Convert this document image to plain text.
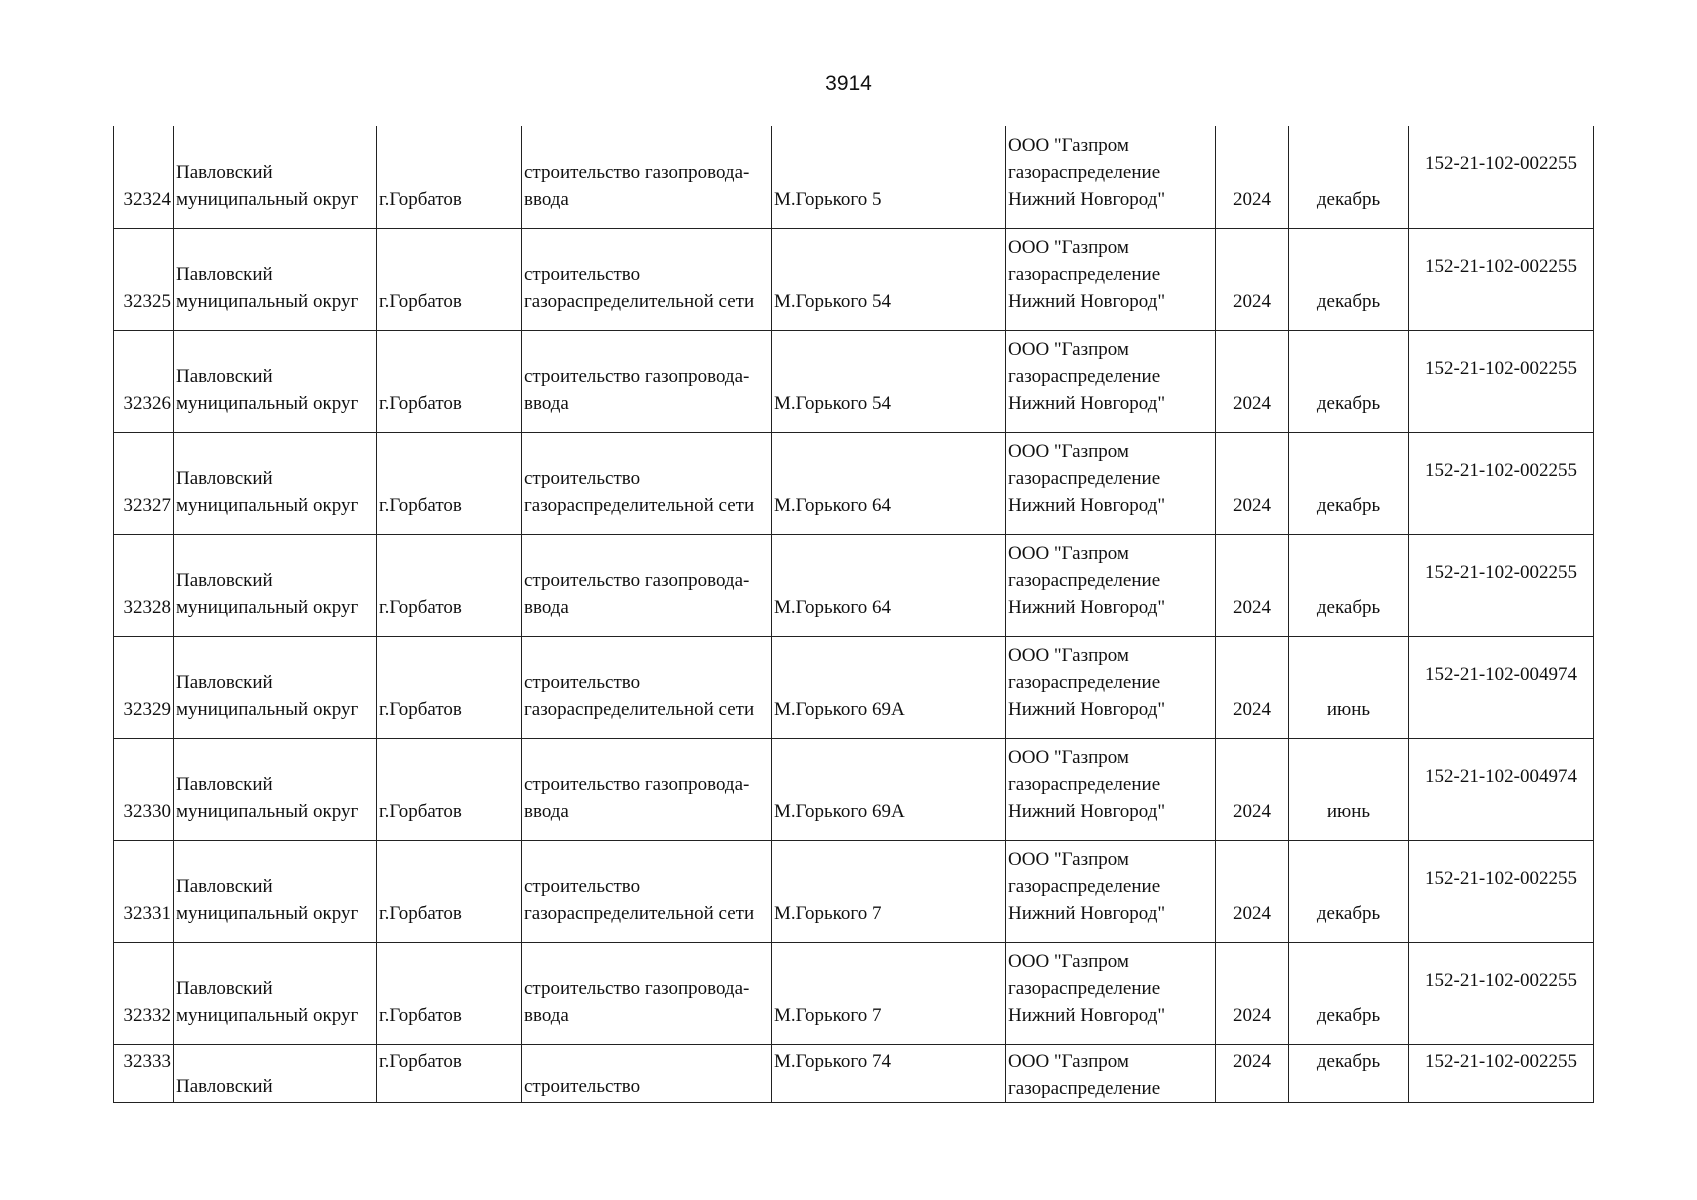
3914
32324	Павловский
муниципальный округ	г.Горбатов	строительство газопровода-
ввода	М.Горького 5	ООО "Газпром
газораспределение
Нижний Новгород"	2024	декабрь	152-21-102-002255

32325	Павловский
муниципальный округ	г.Горбатов	строительство
газораспределительной сети	М.Горького 54	ООО "Газпром
газораспределение
Нижний Новгород"	2024	декабрь	152-21-102-002255

32326	Павловский
муниципальный округ	г.Горбатов	строительство газопровода-
ввода	М.Горького 54	ООО "Газпром
газораспределение
Нижний Новгород"	2024	декабрь	152-21-102-002255

32327	Павловский
муниципальный округ	г.Горбатов	строительство
газораспределительной сети	М.Горького 64	ООО "Газпром
газораспределение
Нижний Новгород"	2024	декабрь	152-21-102-002255

32328	Павловский
муниципальный округ	г.Горбатов	строительство газопровода-
ввода	М.Горького 64	ООО "Газпром
газораспределение
Нижний Новгород"	2024	декабрь	152-21-102-002255

32329	Павловский
муниципальный округ	г.Горбатов	строительство
газораспределительной сети	М.Горького 69А	ООО "Газпром
газораспределение
Нижний Новгород"	2024	июнь	152-21-102-004974

32330	Павловский
муниципальный округ	г.Горбатов	строительство газопровода-
ввода	М.Горького 69А	ООО "Газпром
газораспределение
Нижний Новгород"	2024	июнь	152-21-102-004974

32331	Павловский
муниципальный округ	г.Горбатов	строительство
газораспределительной сети	М.Горького 7	ООО "Газпром
газораспределение
Нижний Новгород"	2024	декабрь	152-21-102-002255

32332	Павловский
муниципальный округ	г.Горбатов	строительство газопровода-
ввода	М.Горького 7	ООО "Газпром
газораспределение
Нижний Новгород"	2024	декабрь	152-21-102-002255

32333	Павловский	г.Горбатов	строительство	М.Горького 74	ООО "Газпром
газораспределение	2024	декабрь	152-21-102-002255
